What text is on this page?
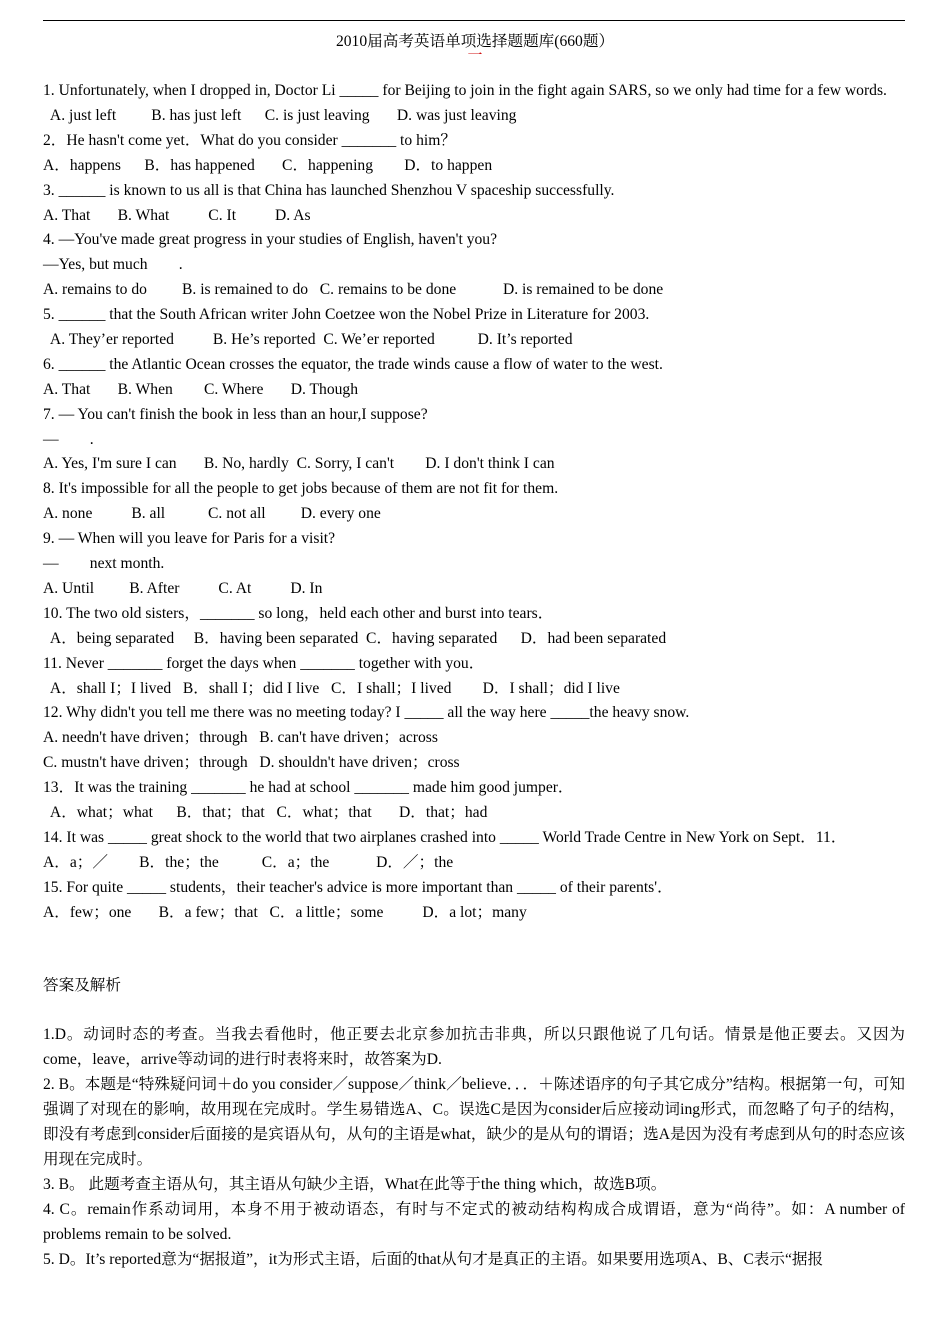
2010届高考英语单项选择题题库(660题）
一
1. Unfortunately, when I dropped in, Doctor Li _____ for Beijing to join in the fight again SARS, so we only had time for a few words.
A. just left         B. has just left      C. is just leaving       D. was just leaving
2．He hasn't come yet．What do you consider _______ to him？
A．happens      B．has happened       C．happening        D．to happen
3. ______ is known to us all is that China has launched Shenzhou V spaceship successfully.
A. That       B. What          C. It          D. As
4. —You've made great progress in your studies of English, haven't you?
—Yes, but much        .
A. remains to do         B. is remained to do   C. remains to be done            D. is remained to be done
5. ______ that the South African writer John Coetzee won the Nobel Prize in Literature for 2003.
A. They’er reported          B. He’s reported  C. We’er reported           D. It’s reported
6. ______ the Atlantic Ocean crosses the equator, the trade winds cause a flow of water to the west.
A. That       B. When        C. Where       D. Though
7. — You can't finish the book in less than an hour,I suppose?
—        .
A. Yes, I'm sure I can       B. No, hardly  C. Sorry, I can't        D. I don't think I can
8. It's impossible for all the people to get jobs because of them are not fit for them.
A. none          B. all           C. not all         D. every one
9. — When will you leave for Paris for a visit?
—        next month.
A. Until         B. After          C. At          D. In
10. The two old sisters，_______ so long，held each other and burst into tears．
A．being separated     B．having been separated  C．having separated      D．had been separated
11. Never _______ forget the days when _______ together with you．
A．shall I；I lived   B．shall I；did I live   C．I shall；I lived        D．I shall；did I live
12. Why didn't you tell me there was no meeting today? I _____ all the way here _____the heavy snow.
A. needn't have driven；through   B. can't have driven；across
C. mustn't have driven；through   D. shouldn't have driven；cross
13．It was the training _______ he had at school _______ made him good jumper．
A．what；what      B．that；that   C．what；that       D．that；had
14. It was _____ great shock to the world that two airplanes crashed into _____ World Trade Centre in New York on Sept．11．
A．a；／        B．the；the           C．a；the            D．／；the
15. For quite _____ students，their teacher's advice is more important than _____ of their parents'．
A．few；one       B．a few；that   C．a little；some          D．a lot；many
答案及解析
1.D。动词时态的考查。当我去看他时，他正要去北京参加抗击非典，所以只跟他说了几句话。情景是他正要去。又因为come，leave，arrive等动词的进行时表将来时，故答案为D.
2. B。本题是“特殊疑问词＋do you consider／suppose／think／believe．．．＋陈述语序的句子其它成分”结构。根据第一句，可知强调了对现在的影响，故用现在完成时。学生易错选A、C。误选C是因为consider后应接动词ing形式，而忽略了句子的结构，即没有考虑到consider后面接的是宾语从句，从句的主语是what，缺少的是从句的谓语；选A是因为没有考虑到从句的时态应该用现在完成时。
3. B。 此题考查主语从句，其主语从句缺少主语，What在此等于the thing which，故选B项。
4. C。remain作系动词用，本身不用于被动语态，有时与不定式的被动结构构成合成谓语，意为“尚待”。如：A number of problems remain to be solved.
5. D。It’s reported意为“据报道”，it为形式主语，后面的that从句才是真正的主语。如果要用选项A、B、C表示“据报
